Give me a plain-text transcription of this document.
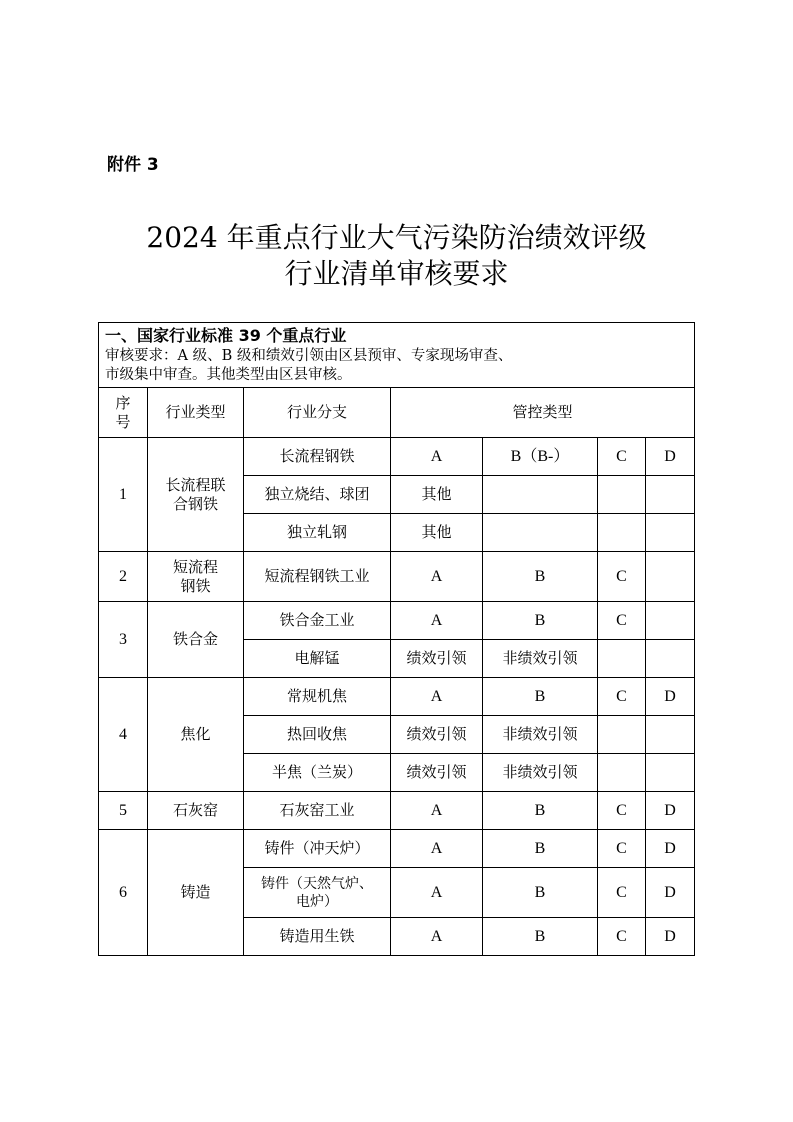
附件 3
2024 年重点行业大气污染防治绩效评级
行业清单审核要求
一、国家行业标准 39 个重点行业
审核要求：A 级、B 级和绩效引领由区县预审、专家现场审查、
市级集中审查。其他类型由区县审核。						

序
号	行业类型	行业分支	管控类型			
1	长流程联
合钢铁	长流程钢铁	A	B（B-）	C	D
		独立烧结、球团	其他			
		独立轧钢	其他			
2	短流程
钢铁	短流程钢铁工业	A	B	C	
3	铁合金	铁合金工业	A	B	C	
		电解锰	绩效引领	非绩效引领		
4	焦化	常规机焦	A	B	C	D
		热回收焦	绩效引领	非绩效引领		
		半焦（兰炭）	绩效引领	非绩效引领		
5	石灰窑	石灰窑工业	A	B	C	D
6	铸造	铸件（冲天炉）	A	B	C	D
		铸件（天然气炉、
电炉）	A	B	C	D
		铸造用生铁	A	B	C	D
